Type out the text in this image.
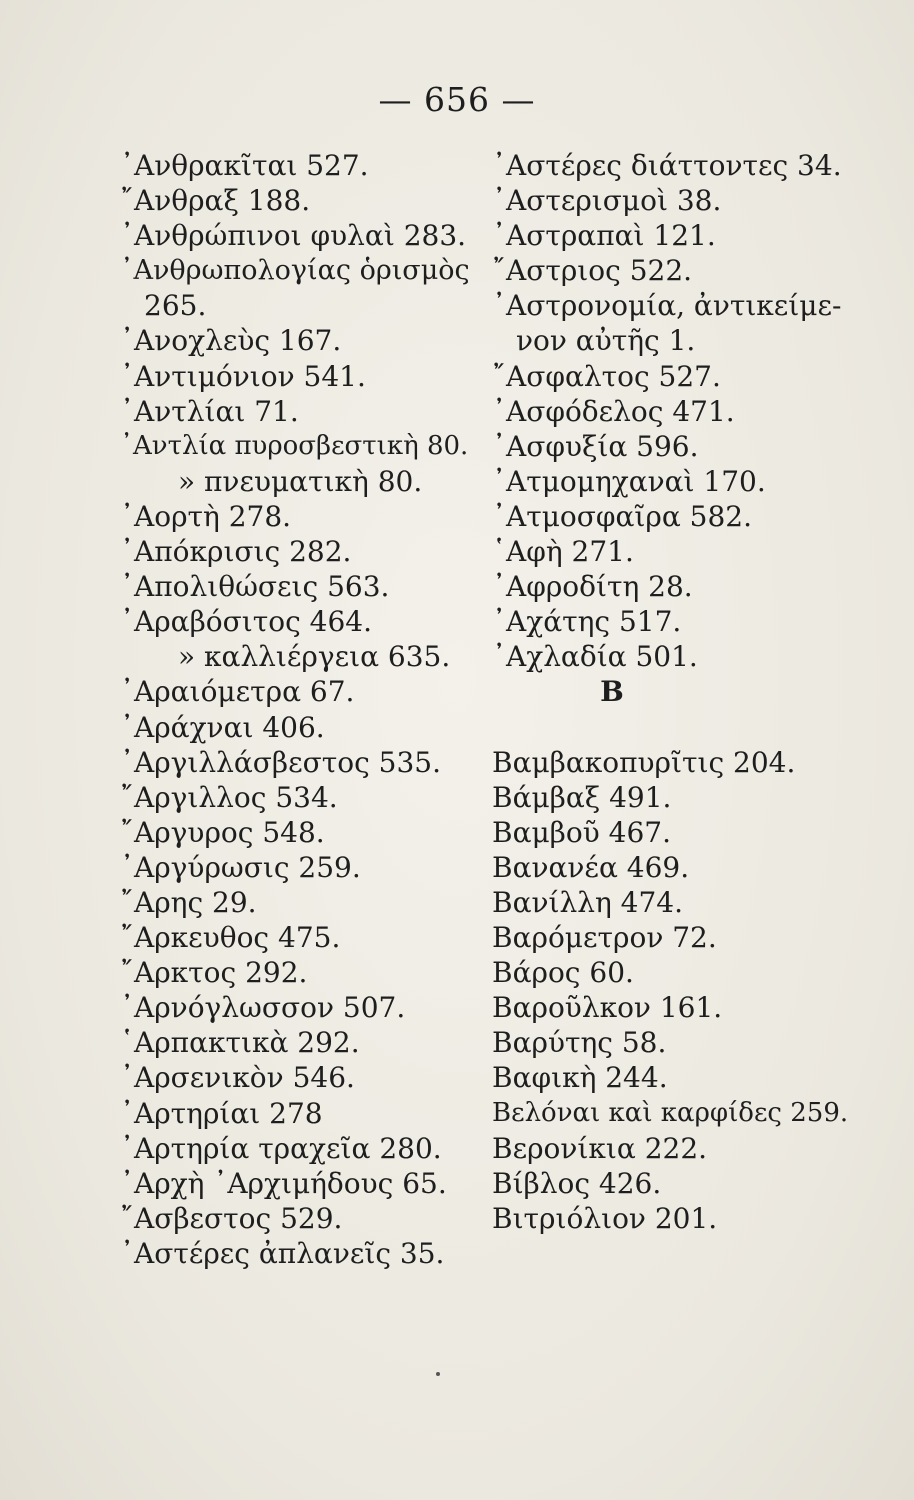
— 656 —
᾿Ανθρακῖται 527.
῎Ανθραξ 188.
᾿Ανθρώπινοι φυλαὶ 283.
᾿Ανθρωπολογίας ὁρισμὸς
265.
᾿Ανοχλεὺς 167.
᾿Αντιμόνιον 541.
᾿Αντλίαι 71.
᾿Αντλία πυροσβεστικὴ 80.
» πνευματικὴ 80.
᾿Αορτὴ 278.
᾿Απόκρισις 282.
᾿Απολιθώσεις 563.
᾿Αραβόσιτος 464.
» καλλιέργεια 635.
᾿Αραιόμετρα 67.
᾿Αράχναι 406.
᾿Αργιλλάσβεστος 535.
῎Αργιλλος 534.
῎Αργυρος 548.
᾿Αργύρωσις 259.
῎Αρης 29.
῎Αρκευθος 475.
῎Αρκτος 292.
᾿Αρνόγλωσσον 507.
῾Αρπακτικὰ 292.
᾿Αρσενικὸν 546.
᾿Αρτηρίαι 278
᾿Αρτηρία τραχεῖα 280.
᾿Αρχὴ ᾿Αρχιμήδους 65.
῎Ασβεστος 529.
᾿Αστέρες ἀπλανεῖς 35.
᾿Αστέρες διάττοντες 34.
᾿Αστερισμοὶ 38.
᾿Αστραπαὶ 121.
῎Αστριος 522.
᾿Αστρονομία, ἀντικείμε-
νον αὐτῆς 1.
῎Ασφαλτος 527.
᾿Ασφόδελος 471.
᾿Ασφυξία 596.
᾿Ατμομηχαναὶ 170.
᾿Ατμοσφαῖρα 582.
῾Αφὴ 271.
᾿Αφροδίτη 28.
᾿Αχάτης 517.
᾿Αχλαδία 501.
Β
Βαμβακοπυρῖτις 204.
Βάμβαξ 491.
Βαμβοῦ 467.
Βανανέα 469.
Βανίλλη 474.
Βαρόμετρον 72.
Βάρος 60.
Βαροῦλκον 161.
Βαρύτης 58.
Βαφικὴ 244.
Βελόναι καὶ καρφίδες 259.
Βερονίκια 222.
Βίβλος 426.
Βιτριόλιον 201.
